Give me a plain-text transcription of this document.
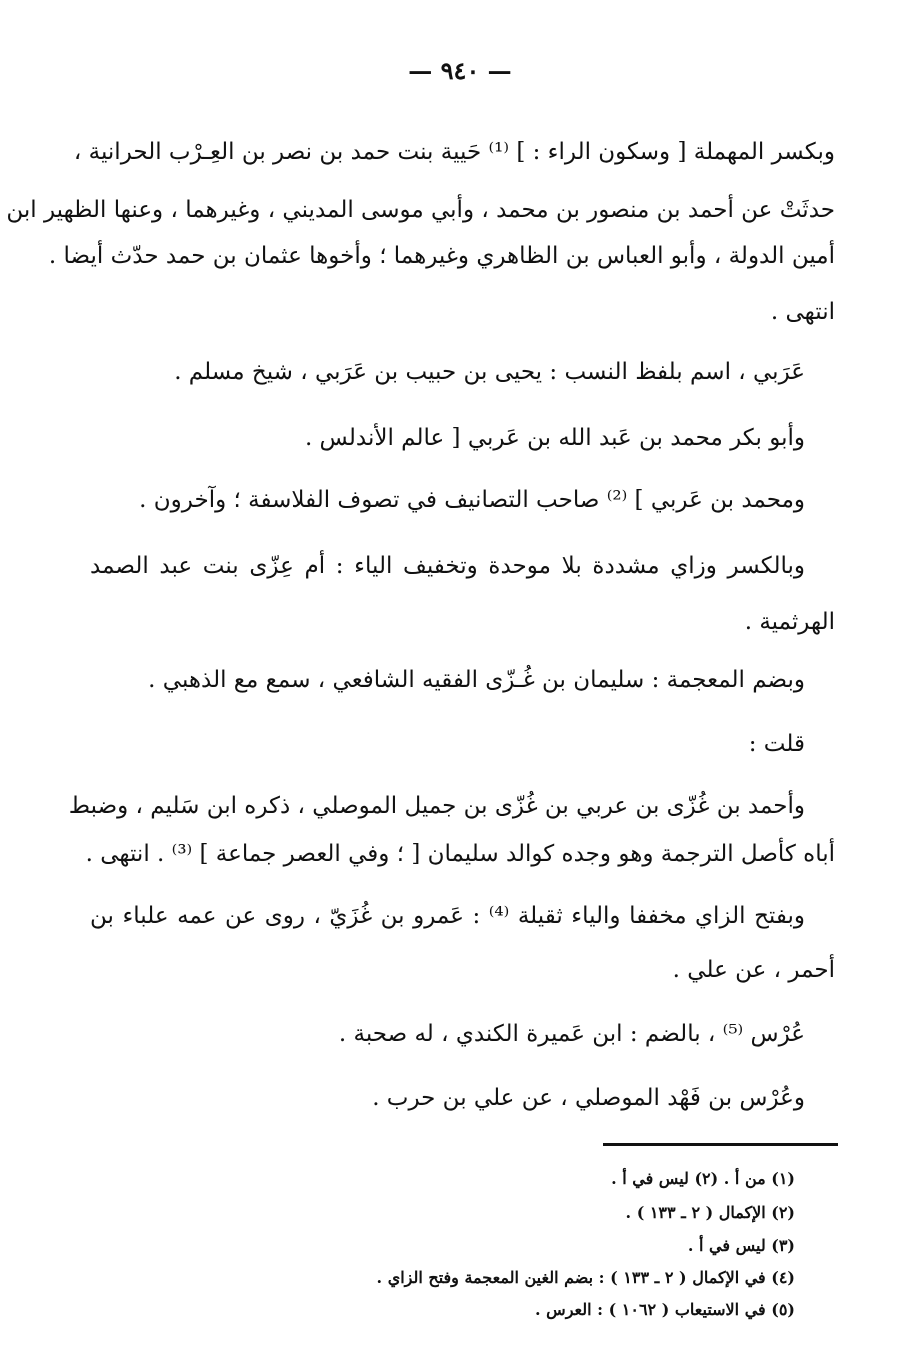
— ٩٤٠ —
وبكسر المهملة [ وسكون الراء : ] ⁽¹⁾ حَيية بنت حمد بن نصر بن العِـرْب الحرانية ،
حدثَتْ عن أحمد بن منصور بن محمد ، وأبي موسى المديني ، وغيرهما ، وعنها الظهير ابن
أمين الدولة ، وأبو العباس بن الظاهري وغيرهما ؛ وأخوها عثمان بن حمد حدّث أيضا .
انتهى .
عَرَبي ، اسم بلفظ النسب : يحيى بن حبيب بن عَرَبي ، شيخ مسلم .
وأبو بكر محمد بن عَبد الله بن عَربي [ عالم الأندلس .
ومحمد بن عَربي ] ⁽²⁾ صاحب التصانيف في تصوف الفلاسفة ؛ وآخرون .
وبالكسر وزاي مشددة بلا موحدة وتخفيف الياء : أم عِزّى بنت عبد الصمد
الهرثمية .
وبضم المعجمة : سليمان بن غُـزّى الفقيه الشافعي ، سمع مع الذهبي .
قلت :
وأحمد بن غُزّى بن عربي بن غُزّى بن جميل الموصلي ، ذكره ابن سَليم ، وضبط
أباه كأصل الترجمة وهو وجده كوالد سليمان [ ؛ وفي العصر جماعة ] ⁽³⁾ . انتهى .
وبفتح الزاي مخففا والياء ثقيلة ⁽⁴⁾ : عَمرو بن غُزَيّ ، روى عن عمه علباء بن
أحمر ، عن علي .
عُرْس ⁽⁵⁾ ، بالضم : ابن عَميرة الكندي ، له صحبة .
وعُرْس بن فَهْد الموصلي ، عن علي بن حرب .
(١) من أ . (٢) ليس في أ .
(٢) الإكمال ( ٢ ـ ١٣٣ ) .
(٣) ليس في أ .
(٤) في الإكمال ( ٢ ـ ١٣٣ ) : بضم الغين المعجمة وفتح الزاي .
(٥) في الاستيعاب ( ١٠٦٢ ) : العرس .
